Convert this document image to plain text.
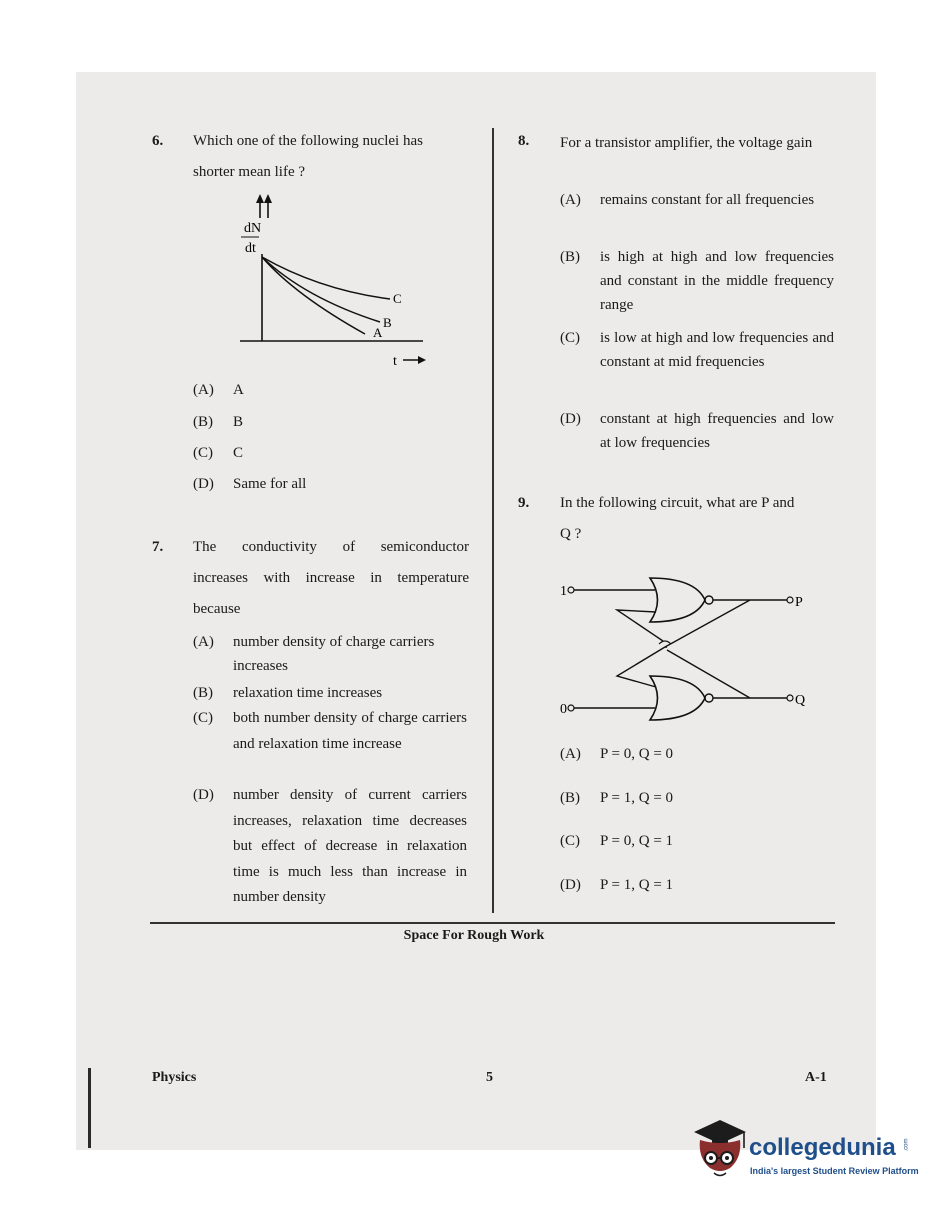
6. Which one of the following nuclei has
shorter mean life ?
dN
dt
A
B
C
t
(A) A
(B) B
(C) C
(D) Same for all
7. The conductivity of semiconductor
increases with increase in temperature
because
(A) number density of charge carriers increases
(B) relaxation time increases
(C) both number density of charge carriers and relaxation time increase
(D) number density of current carriers increases, relaxation time decreases but effect of decrease in relaxation time is much less than increase in number density
8. For a transistor amplifier, the voltage gain
(A) remains constant for all frequencies
(B) is high at high and low frequencies and constant in the middle frequency range
(C) is low at high and low frequencies and constant at mid frequencies
(D) constant at high frequencies and low at low frequencies
9. In the following circuit, what are P and
Q ?
1
0
P
Q
(A) P = 0, Q = 0
(B) P = 1, Q = 0
(C) P = 0, Q = 1
(D) P = 1, Q = 1
Space For Rough Work
Physics	5	A-1
collegedunia .com
India's largest Student Review Platform
